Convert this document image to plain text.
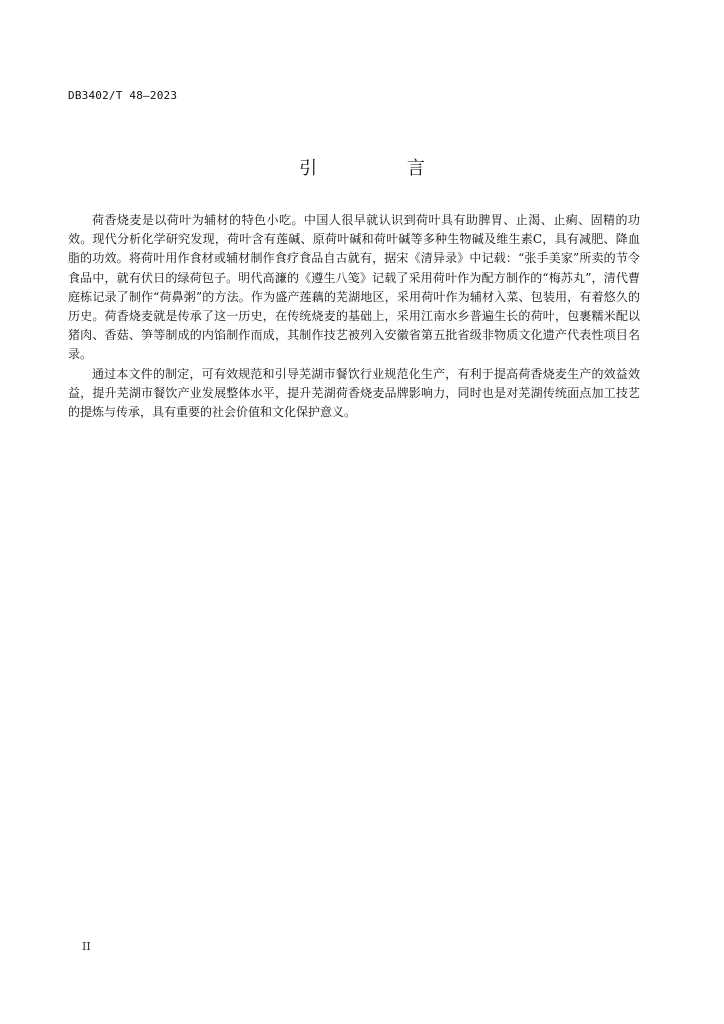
DB3402/T 48—2023
引 言

荷香烧麦是以荷叶为辅材的特色小吃。中国人很早就认识到荷叶具有助脾胃、止渴、止痢、固精的功效。现代分析化学研究发现，荷叶含有莲碱、原荷叶碱和荷叶碱等多种生物碱及维生素C，具有减肥、降血脂的功效。将荷叶用作食材或辅材制作食疗食品自古就有，据宋《清异录》中记载：“张手美家”所卖的节令食品中，就有伏日的绿荷包子。明代高濂的《遵生八笺》记载了采用荷叶作为配方制作的“梅苏丸”，清代曹庭栋记录了制作“荷鼻粥”的方法。作为盛产莲藕的芜湖地区，采用荷叶作为辅材入菜、包装用，有着悠久的历史。荷香烧麦就是传承了这一历史，在传统烧麦的基础上，采用江南水乡普遍生长的荷叶，包裹糯米配以猪肉、香菇、笋等制成的内馅制作而成，其制作技艺被列入安徽省第五批省级非物质文化遗产代表性项目名录。

通过本文件的制定，可有效规范和引导芜湖市餐饮行业规范化生产，有利于提高荷香烧麦生产的效益效益，提升芜湖市餐饮产业发展整体水平，提升芜湖荷香烧麦品牌影响力，同时也是对芜湖传统面点加工技艺的提炼与传承，具有重要的社会价值和文化保护意义。

II
